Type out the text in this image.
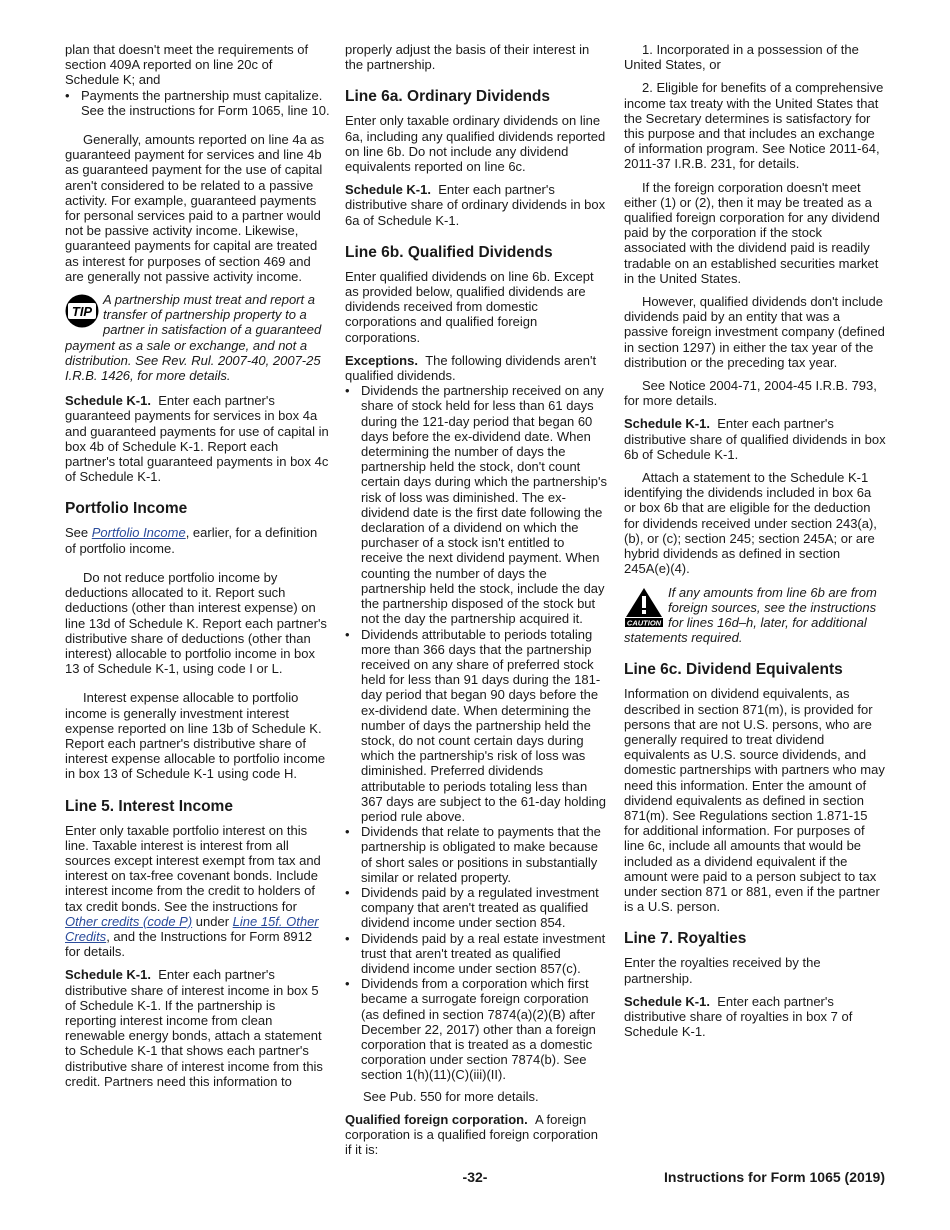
plan that doesn't meet the requirements of section 409A reported on line 20c of Schedule K; and

• Payments the partnership must capitalize. See the instructions for Form 1065, line 10.

Generally, amounts reported on line 4a as guaranteed payment for services and line 4b as guaranteed payment for the use of capital aren't considered to be related to a passive activity. For example, guaranteed payments for personal services paid to a partner would not be passive activity income. Likewise, guaranteed payments for capital are treated as interest for purposes of section 469 and are generally not passive activity income.

TIP
A partnership must treat and report a transfer of partnership property to a partner in satisfaction of a guaranteed payment as a sale or exchange, and not a distribution. See Rev. Rul. 2007-40, 2007-25 I.R.B. 1426, for more details.

Schedule K-1. Enter each partner's guaranteed payments for services in box 4a and guaranteed payments for use of capital in box 4b of Schedule K-1. Report each partner's total guaranteed payments in box 4c of Schedule K-1.

Portfolio Income

See Portfolio Income, earlier, for a definition of portfolio income.

Do not reduce portfolio income by deductions allocated to it. Report such deductions (other than interest expense) on line 13d of Schedule K. Report each partner's distributive share of deductions (other than interest) allocable to portfolio income in box 13 of Schedule K-1, using code I or L.

Interest expense allocable to portfolio income is generally investment interest expense reported on line 13b of Schedule K. Report each partner's distributive share of interest expense allocable to portfolio income in box 13 of Schedule K-1 using code H.

Line 5. Interest Income

Enter only taxable portfolio interest on this line. Taxable interest is interest from all sources except interest exempt from tax and interest on tax-free covenant bonds. Include interest income from the credit to holders of tax credit bonds. See the instructions for Other credits (code P) under Line 15f. Other Credits, and the Instructions for Form 8912 for details.

Schedule K-1. Enter each partner's distributive share of interest income in box 5 of Schedule K-1. If the partnership is reporting interest income from clean renewable energy bonds, attach a statement to Schedule K-1 that shows each partner's distributive share of interest income from this credit. Partners need this information to

properly adjust the basis of their interest in the partnership.

Line 6a. Ordinary Dividends

Enter only taxable ordinary dividends on line 6a, including any qualified dividends reported on line 6b. Do not include any dividend equivalents reported on line 6c.

Schedule K-1. Enter each partner's distributive share of ordinary dividends in box 6a of Schedule K-1.

Line 6b. Qualified Dividends

Enter qualified dividends on line 6b. Except as provided below, qualified dividends are dividends received from domestic corporations and qualified foreign corporations.

Exceptions. The following dividends aren't qualified dividends.

• Dividends the partnership received on any share of stock held for less than 61 days during the 121-day period that began 60 days before the ex-dividend date. When determining the number of days the partnership held the stock, don't count certain days during which the partnership's risk of loss was diminished. The ex-dividend date is the first date following the declaration of a dividend on which the purchaser of a stock isn't entitled to receive the next dividend payment. When counting the number of days the partnership held the stock, include the day the partnership disposed of the stock but not the day the partnership acquired it.

• Dividends attributable to periods totaling more than 366 days that the partnership received on any share of preferred stock held for less than 91 days during the 181-day period that began 90 days before the ex-dividend date. When determining the number of days the partnership held the stock, do not count certain days during which the partnership's risk of loss was diminished. Preferred dividends attributable to periods totaling less than 367 days are subject to the 61-day holding period rule above.

• Dividends that relate to payments that the partnership is obligated to make because of short sales or positions in substantially similar or related property.

• Dividends paid by a regulated investment company that aren't treated as qualified dividend income under section 854.

• Dividends paid by a real estate investment trust that aren't treated as qualified dividend income under section 857(c).

• Dividends from a corporation which first became a surrogate foreign corporation (as defined in section 7874(a)(2)(B) after December 22, 2017) other than a foreign corporation that is treated as a domestic corporation under section 7874(b). See section 1(h)(11)(C)(iii)(II).

See Pub. 550 for more details.

Qualified foreign corporation. A foreign corporation is a qualified foreign corporation if it is:

1. Incorporated in a possession of the United States, or

2. Eligible for benefits of a comprehensive income tax treaty with the United States that the Secretary determines is satisfactory for this purpose and that includes an exchange of information program. See Notice 2011-64, 2011-37 I.R.B. 231, for details.

If the foreign corporation doesn't meet either (1) or (2), then it may be treated as a qualified foreign corporation for any dividend paid by the corporation if the stock associated with the dividend paid is readily tradable on an established securities market in the United States.

However, qualified dividends don't include dividends paid by an entity that was a passive foreign investment company (defined in section 1297) in either the tax year of the distribution or the preceding tax year.

See Notice 2004-71, 2004-45 I.R.B. 793, for more details.

Schedule K-1. Enter each partner's distributive share of qualified dividends in box 6b of Schedule K-1.

Attach a statement to the Schedule K-1 identifying the dividends included in box 6a or box 6b that are eligible for the deduction for dividends received under section 243(a), (b), or (c); section 245; section 245A; or are hybrid dividends as defined in section 245A(e)(4).

CAUTION
If any amounts from line 6b are from foreign sources, see the instructions for lines 16d–h, later, for additional statements required.
Line 6c. Dividend Equivalents

Information on dividend equivalents, as described in section 871(m), is provided for persons that are not U.S. persons, who are generally required to treat dividend equivalents as U.S. source dividends, and domestic partnerships with partners who may need this information. Enter the amount of dividend equivalents as defined in section 871(m). See Regulations section 1.871-15 for additional information. For purposes of line 6c, include all amounts that would be included as a dividend equivalent if the amount were paid to a person subject to tax under section 871 or 881, even if the partner is a U.S. person.

Line 7. Royalties

Enter the royalties received by the partnership.

Schedule K-1. Enter each partner's distributive share of royalties in box 7 of Schedule K-1.

-32-	Instructions for Form 1065 (2019)
